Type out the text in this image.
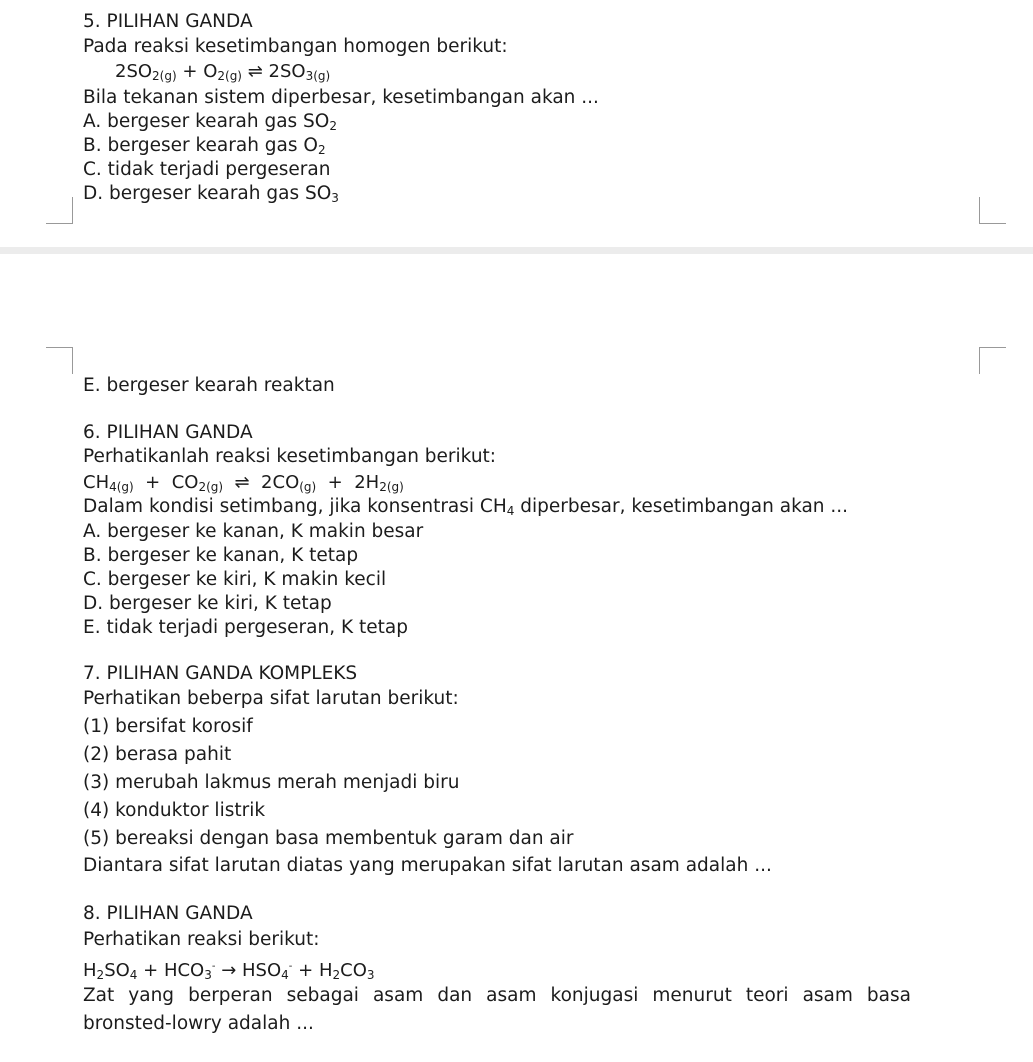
5. PILIHAN GANDA
Pada reaksi kesetimbangan homogen berikut:
$2SO_{2(g)} + O_{2(g)}$ ⇌ $2SO_{3(g)}$
Bila tekanan sistem diperbesar, kesetimbangan akan ...
A. bergeser kearah gas $SO_2$
B. bergeser kearah gas $O_2$
C. tidak terjadi pergeseran
D. bergeser kearah gas $SO_3$
E. bergeser kearah reaktan
6. PILIHAN GANDA
Perhatikanlah reaksi kesetimbangan berikut:
$CH_{4(g)} + CO_{2(g)}$  ⇌  $2CO_{(g)} + 2H_{2(g)}$
Dalam kondisi setimbang, jika konsentrasi $CH_4$ diperbesar, kesetimbangan akan ...
A. bergeser ke kanan, K makin besar
B. bergeser ke kanan, K tetap
C. bergeser ke kiri, K makin kecil
D. bergeser ke kiri, K tetap
E. tidak terjadi pergeseran, K tetap
7. PILIHAN GANDA KOMPLEKS
Perhatikan beberpa sifat larutan berikut:
(1) bersifat korosif
(2) berasa pahit
(3) merubah lakmus merah menjadi biru
(4) konduktor listrik
(5) bereaksi dengan basa membentuk garam dan air
Diantara sifat larutan diatas yang merupakan sifat larutan asam adalah ...
8. PILIHAN GANDA
Perhatikan reaksi berikut:
$H_2SO_4 + HCO_3^- \to HSO_4^- + H_2CO_3$
Zat yang berperan sebagai asam dan asam konjugasi menurut teori asam basa
bronsted-lowry adalah ...
